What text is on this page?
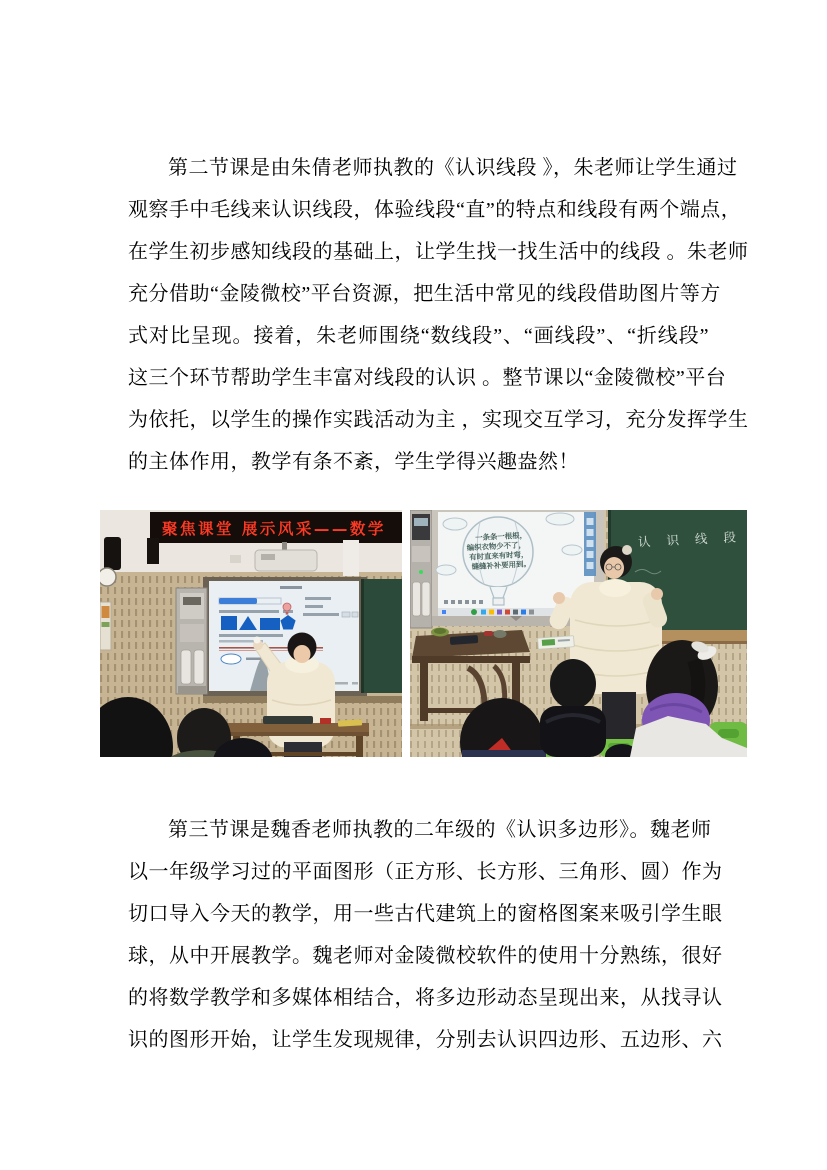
第二节课是由朱倩老师执教的《认识线段 》，朱老师让学生通过
观察手中毛线来认识线段，体验线段“直”的特点和线段有两个端点，
在学生初步感知线段的基础上，让学生找一找生活中的线段 。朱老师
充分借助“金陵微校”平台资源，把生活中常见的线段借助图片等方
式对比呈现。接着，朱老师围绕“数线段”、“画线段”、“折线段”
这三个环节帮助学生丰富对线段的认识 。整节课以“金陵微校”平台
为依托，以学生的操作实践活动为主 ，实现交互学习，充分发挥学生
的主体作用，教学有条不紊，学生学得兴趣盎然！
聚焦课堂 展示风采——数学	一条条一根根，
编织衣物少不了，
有时直来有时弯，
缝缝补补要用到。
认 识 线 段
第三节课是魏香老师执教的二年级的《认识多边形》。魏老师
以一年级学习过的平面图形（正方形、长方形、三角形、圆）作为
切口导入今天的教学，用一些古代建筑上的窗格图案来吸引学生眼
球，从中开展教学。魏老师对金陵微校软件的使用十分熟练，很好
的将数学教学和多媒体相结合，将多边形动态呈现出来，从找寻认
识的图形开始，让学生发现规律，分别去认识四边形、五边形、六
